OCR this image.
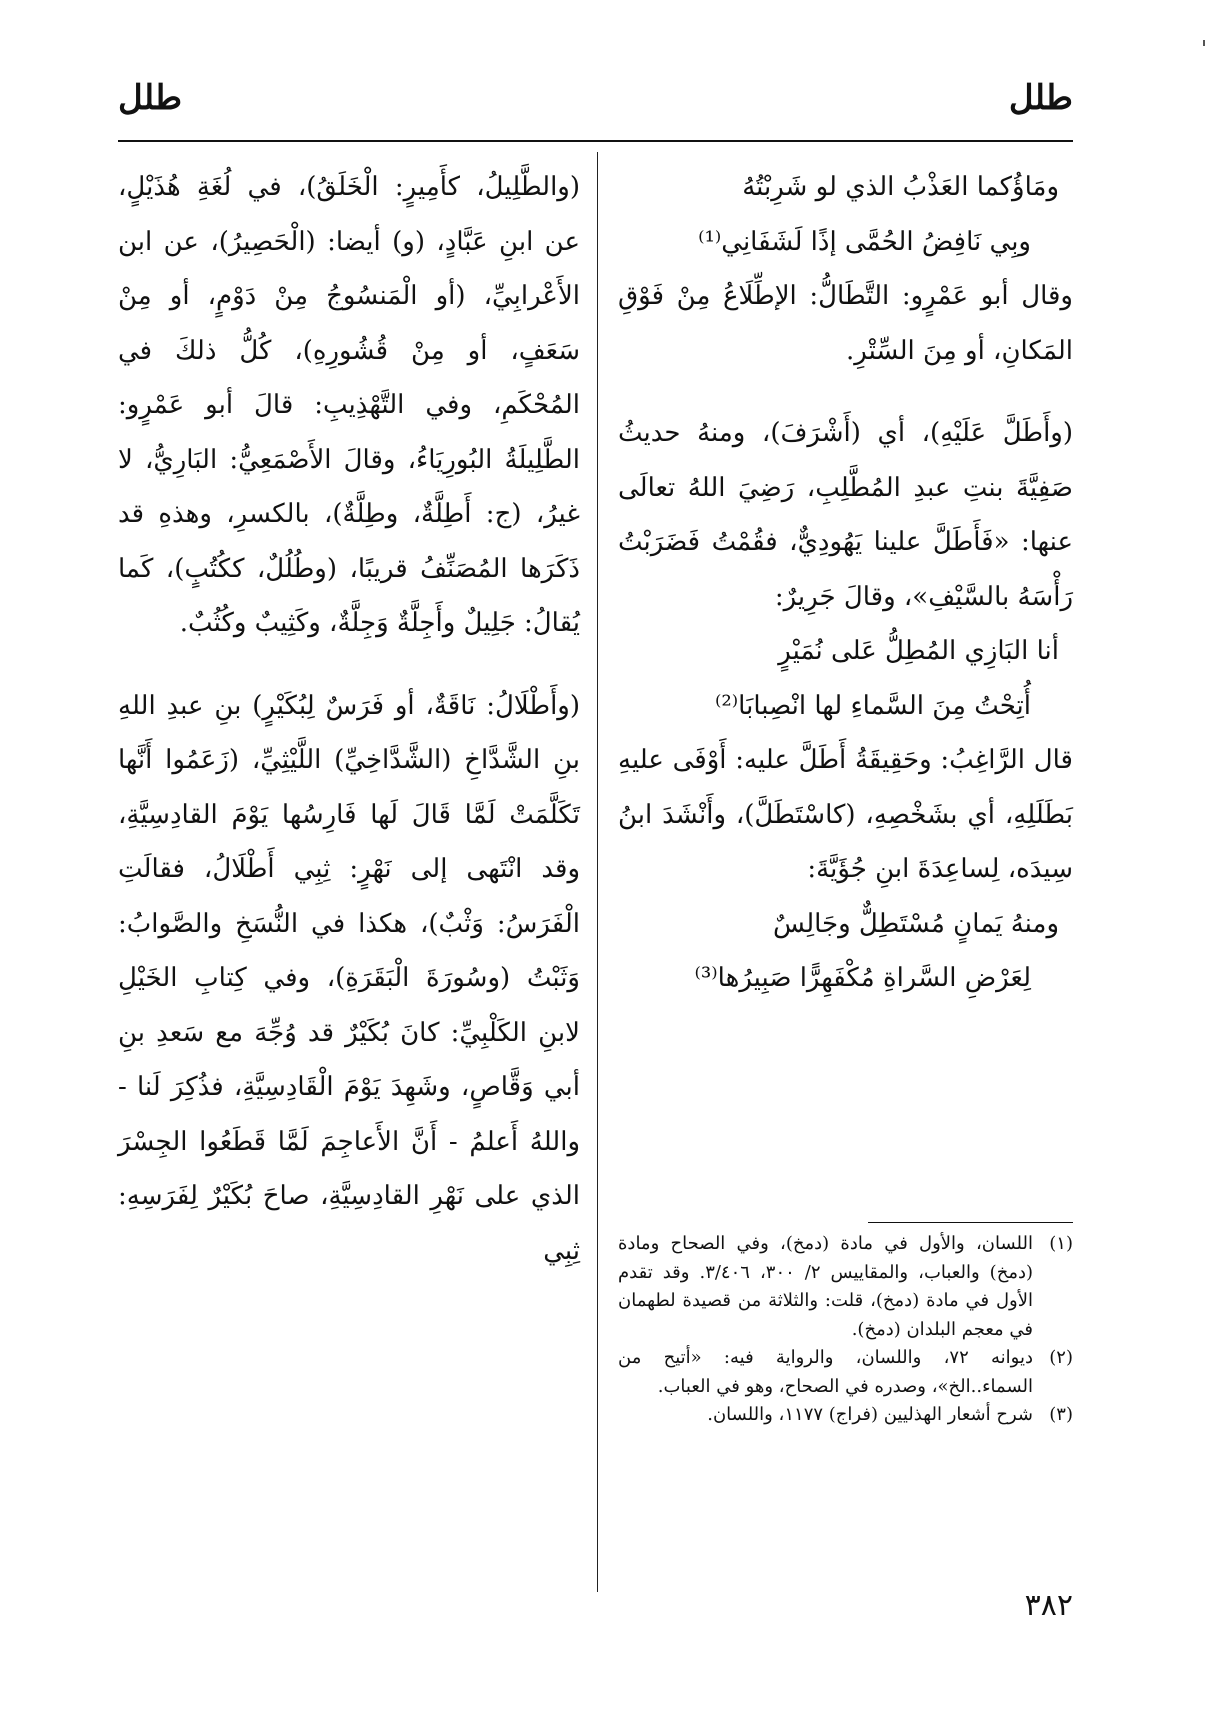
طلل
طلل

ومَاؤُكما العَذْبُ الذي لو شَرِبْتُهُ

وبِي نَافِضُ الحُمَّى إذًا لَشَفَانِي⁽¹⁾

وقال أبو عَمْرٍو: التَّطَالُّ: الإطِّلَاعُ مِنْ فَوْقِ المَكانِ، أو مِنَ السِّتْرِ.

(وأَطَلَّ عَلَيْهِ)، أي (أَشْرَفَ)، ومنهُ حديثُ صَفِيَّةَ بنتِ عبدِ المُطَّلِبِ، رَضِيَ اللهُ تعالَى عنها: «فَأَطَلَّ علينا يَهُودِيٌّ، فقُمْتُ فَضَرَبْتُ رَأْسَهُ بالسَّيْفِ»، وقالَ جَرِيرٌ:

أنا البَازِي المُطِلُّ عَلى نُمَيْرٍ

أُتِحْتُ مِنَ السَّماءِ لها انْصِبابَا⁽²⁾

قال الرَّاغِبُ: وحَقِيقَةُ أَطَلَّ عليه: أَوْفَى عليهِ بَطَلَلِهِ، أي بشَخْصِهِ، (كاسْتَطَلَّ)، وأَنْشَدَ ابنُ سِيدَه، لِساعِدَةَ ابنِ جُؤَيَّةَ:

ومنهُ يَمانٍ مُسْتَطِلٌّ وجَالِسٌ

لِعَرْضِ السَّراةِ مُكْفَهِرًّا صَبِيرُها⁽³⁾

(١)
اللسان، والأول في مادة (دمخ)، وفي الصحاح ومادة (دمخ) والعباب، والمقاييس ٢/ ٣٠٠، ٣/٤٠٦. وقد تقدم الأول في مادة (دمخ)، قلت: والثلاثة من قصيدة لطهمان في معجم البلدان (دمخ).
(٢)
ديوانه ٧٢، واللسان، والرواية فيه: «أتيح من السماء..الخ»، وصدره في الصحاح، وهو في العباب.
(٣)
شرح أشعار الهذليين (فراج) ١١٧٧، واللسان.

(والطَّلِيلُ، كأَمِيرٍ: الْخَلَقُ)، في لُغَةِ هُذَيْلٍ، عن ابنِ عَبَّادٍ، (و) أيضا: (الْحَصِيرُ)، عن ابن الأَعْرابِيِّ، (أو الْمَنسُوجُ مِنْ دَوْمٍ، أو مِنْ سَعَفٍ، أو مِنْ قُشُورِهِ)، كُلُّ ذلكَ في المُحْكَمِ، وفي التَّهْذِيبِ: قالَ أبو عَمْرٍو: الطَّلِيلَةُ البُورِيَاءُ، وقالَ الأَصْمَعِيُّ: البَارِيُّ، لا غيرُ، (ج: أَطِلَّةٌ، وطِلَّةٌ)، بالكسرِ، وهذهِ قد ذَكَرَها المُصَنِّفُ قريبًا، (وطُلُلٌ، ككُتُبٍ)، كَما يُقالُ: جَلِيلٌ وأَجِلَّةٌ وَجِلَّةٌ، وكَثِيبٌ وكُثُبٌ.

(وأَطْلَالُ: نَاقَةٌ، أو فَرَسٌ لِبُكَيْرٍ) بنِ عبدِ اللهِ بنِ الشَّدَّاخِ (الشَّدَّاخِيِّ) اللَّيْثِيِّ، (زَعَمُوا أَنَّها تَكَلَّمَتْ لَمَّا قَالَ لَها فَارِسُها يَوْمَ القادِسِيَّةِ، وقد انْتَهى إلى نَهْرٍ: ثِبِي أَطْلَالُ، فقالَتِ الْفَرَسُ: وَثْبٌ)، هكذا في النُّسَخِ والصَّوابُ: وَثَبْتُ (وسُورَةَ الْبَقَرَةِ)، وفي كِتابِ الخَيْلِ لابنِ الكَلْبِيِّ: كانَ بُكَيْرٌ قد وُجِّهَ مع سَعدِ بنِ أبي وَقَّاصٍ، وشَهِدَ يَوْمَ الْقَادِسِيَّةِ، فذُكِرَ لَنا - واللهُ أَعلمُ - أَنَّ الأَعاجِمَ لَمَّا قَطَعُوا الجِسْرَ الذي على نَهْرِ القادِسِيَّةِ، صاحَ بُكَيْرٌ لِفَرَسِهِ: ثِبِي

٣٨٢
